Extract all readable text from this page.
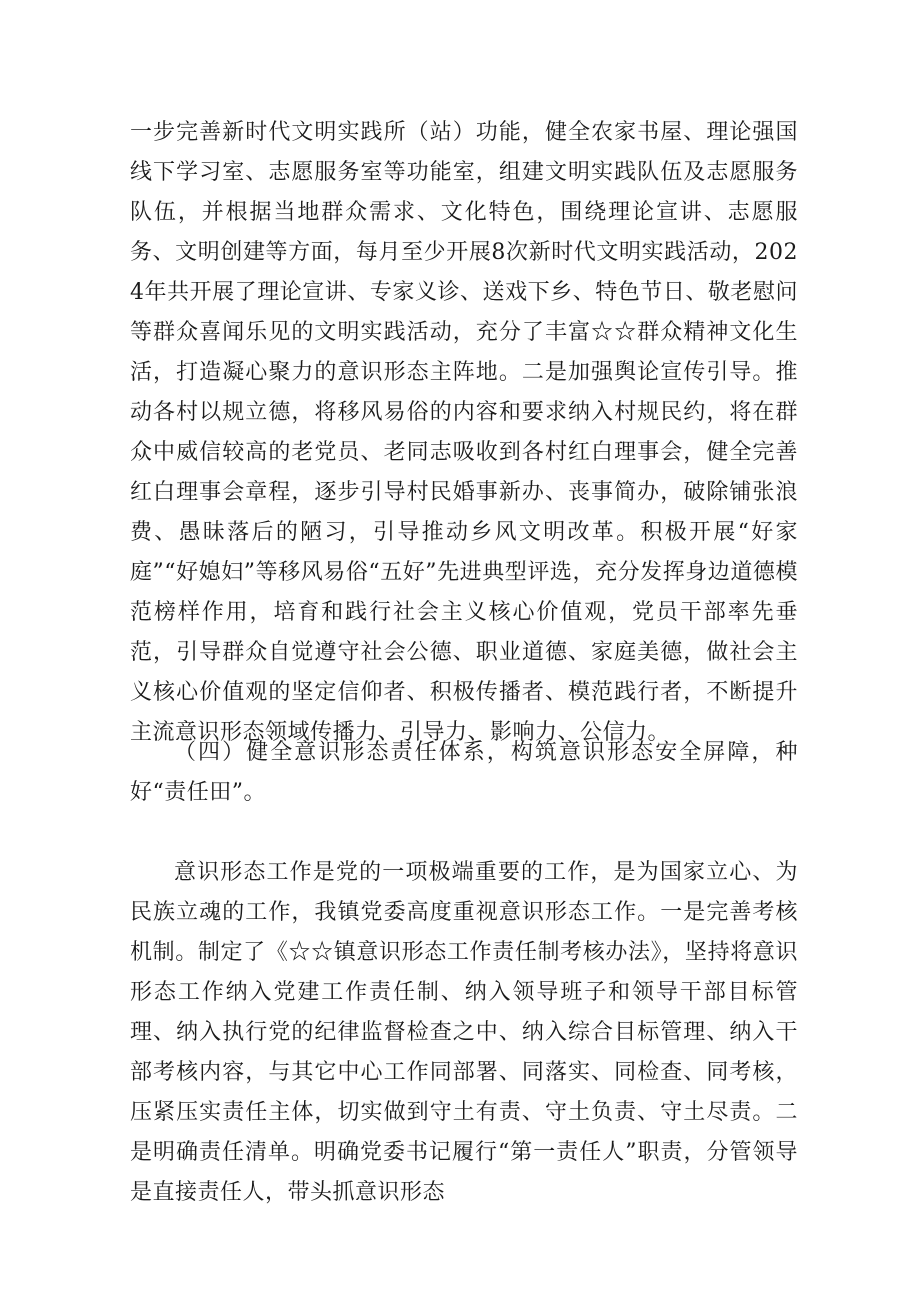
一步完善新时代文明实践所（站）功能，健全农家书屋、理论强国线下学习室、志愿服务室等功能室，组建文明实践队伍及志愿服务队伍，并根据当地群众需求、文化特色，围绕理论宣讲、志愿服务、文明创建等方面，每月至少开展8次新时代文明实践活动，2024年共开展了理论宣讲、专家义诊、送戏下乡、特色节日、敬老慰问等群众喜闻乐见的文明实践活动，充分了丰富☆☆群众精神文化生活，打造凝心聚力的意识形态主阵地。二是加强舆论宣传引导。推动各村以规立德，将移风易俗的内容和要求纳入村规民约，将在群众中威信较高的老党员、老同志吸收到各村红白理事会，健全完善红白理事会章程，逐步引导村民婚事新办、丧事简办，破除铺张浪费、愚昧落后的陋习，引导推动乡风文明改革。积极开展“好家庭”“好媳妇”等移风易俗“五好”先进典型评选，充分发挥身边道德模范榜样作用，培育和践行社会主义核心价值观，党员干部率先垂范，引导群众自觉遵守社会公德、职业道德、家庭美德，做社会主义核心价值观的坚定信仰者、积极传播者、模范践行者，不断提升主流意识形态领域传播力、引导力、影响力、公信力。

（四）健全意识形态责任体系，构筑意识形态安全屏障，种好“责任田”。

意识形态工作是党的一项极端重要的工作，是为国家立心、为民族立魂的工作，我镇党委高度重视意识形态工作。一是完善考核机制。制定了《☆☆镇意识形态工作责任制考核办法》，坚持将意识形态工作纳入党建工作责任制、纳入领导班子和领导干部目标管理、纳入执行党的纪律监督检查之中、纳入综合目标管理、纳入干部考核内容，与其它中心工作同部署、同落实、同检查、同考核，压紧压实责任主体，切实做到守土有责、守土负责、守土尽责。二是明确责任清单。明确党委书记履行“第一责任人”职责，分管领导是直接责任人，带头抓意识形态
